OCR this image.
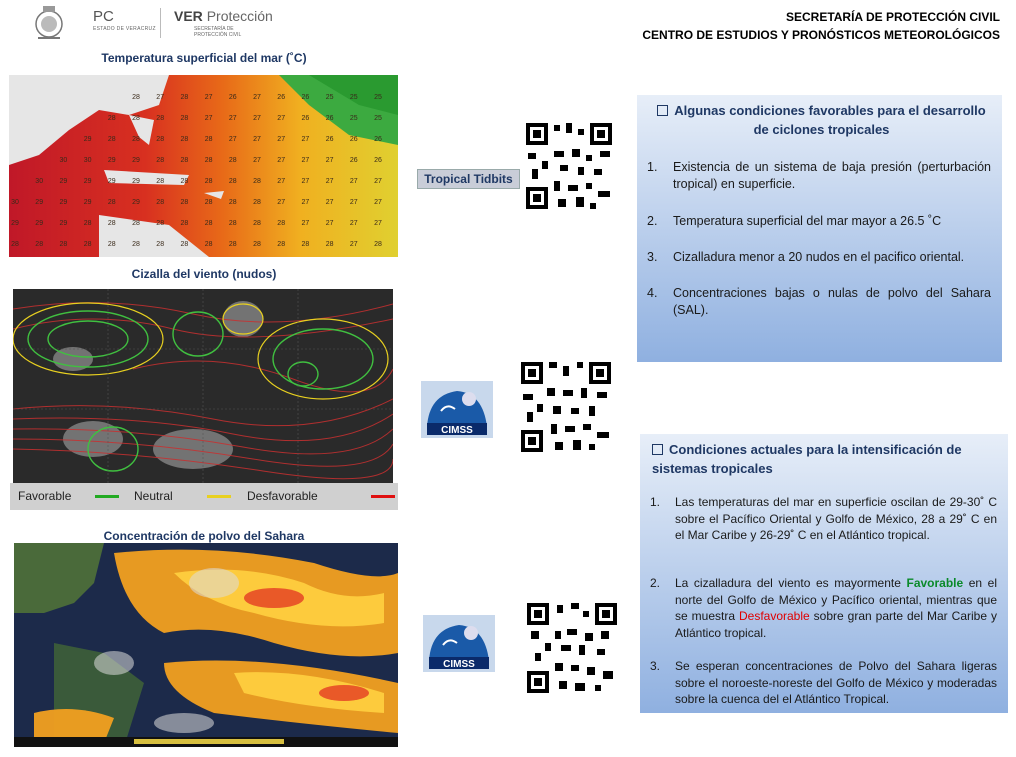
PC
ESTADO DE VERACRUZ
VER Protección
SECRETARÍA DE
PROTECCIÓN CIVIL
SECRETARÍA DE PROTECCIÓN CIVIL
CENTRO DE ESTUDIOS Y PRONÓSTICOS METEOROLÓGICOS
Temperatura superficial del mar (˚C)
28 27 28 27 26 27 26 26 25 25 25
28 28 28 28 27 27 27 27 26 26 25 25
29 28 28 28 28 28 27 27 27 27 26 26 26
30 30 29 29 28 28 28 28 27 27 27 27 26 26
30 29 29 29 29 28 28 28 28 28 27 27 27 27 27
30 29 29 29 28 29 28 28 28 28 28 27 27 27 27 27
29 29 29 28 28 28 28 28 28 28 28 28 27 27 27 27
28 28 28 28 28 28 28 28 28 28 28 28 28 28 27 28
Cizalla del viento (nudos)
Favorable	Neutral	Desfavorable
Concentración de polvo del Sahara
Tropical Tidbits
CIMSS
CIMSS
Algunas condiciones favorables para el desarrollo de ciclones tropicales
1. Existencia de un sistema de baja presión (perturbación tropical) en superficie.
2. Temperatura superficial del mar mayor a 26.5 ˚C
3. Cizalladura menor a 20 nudos en el pacifico oriental.
4. Concentraciones bajas o nulas de polvo del Sahara (SAL).
Condiciones actuales para la intensificación de sistemas tropicales
1. Las temperaturas del mar en superficie oscilan de 29-30˚ C sobre el Pacífico Oriental y Golfo de México, 28 a 29˚ C en el Mar Caribe y 26-29˚ C en el Atlántico tropical.
2. La cizalladura del viento es mayormente Favorable en el norte del Golfo de México y Pacífico oriental, mientras que se muestra Desfavorable sobre gran parte del Mar Caribe y Atlántico tropical.
3. Se esperan concentraciones de Polvo del Sahara ligeras sobre el noroeste-noreste del Golfo de México y moderadas sobre la cuenca del el Atlántico Tropical.
